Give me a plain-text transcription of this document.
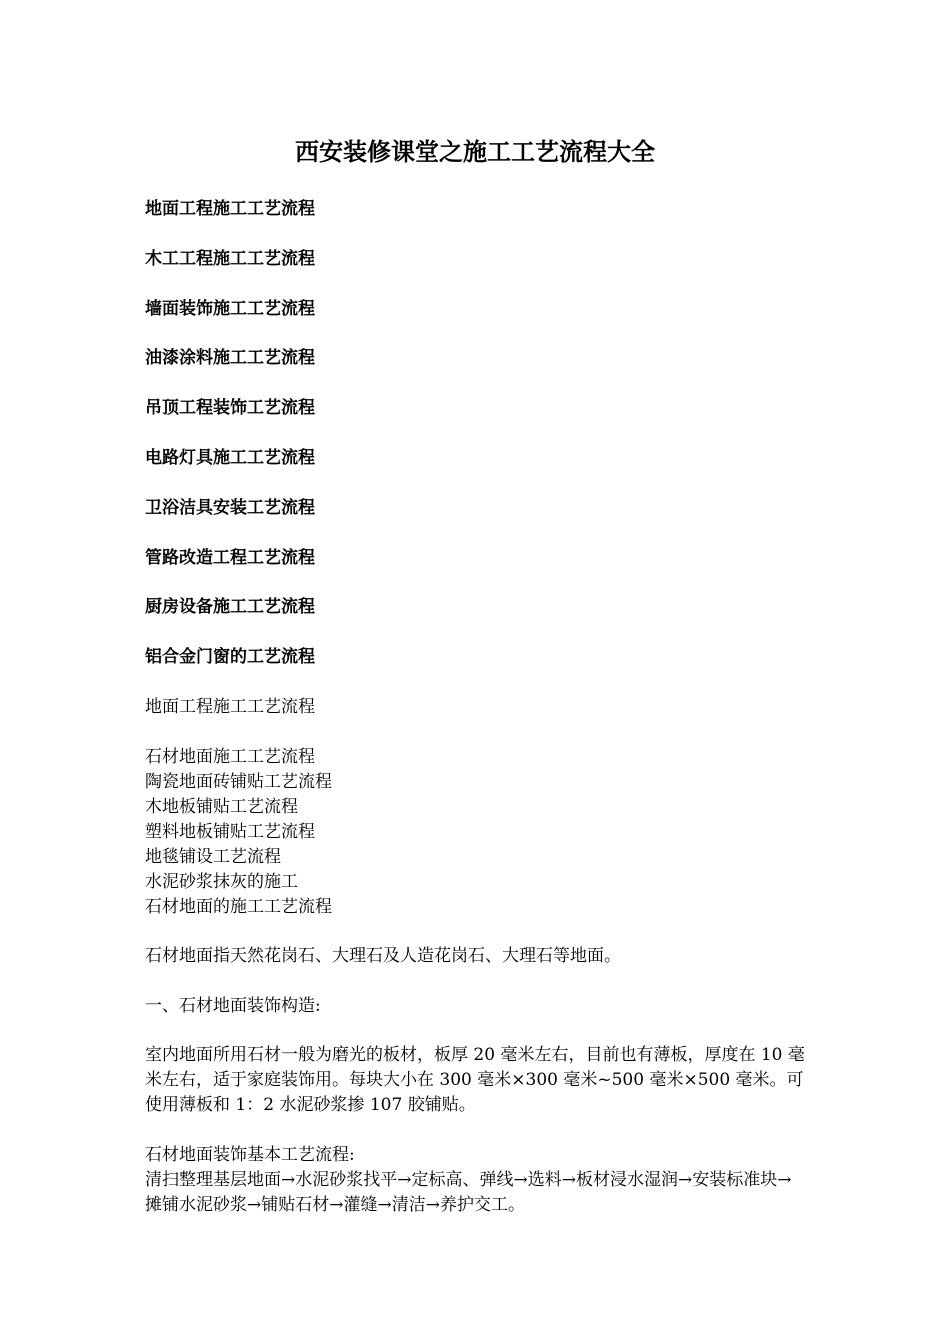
西安装修课堂之施工工艺流程大全
地面工程施工工艺流程
木工工程施工工艺流程
墙面装饰施工工艺流程
油漆涂料施工工艺流程
吊顶工程装饰工艺流程
电路灯具施工工艺流程
卫浴洁具安装工艺流程
管路改造工程工艺流程
厨房设备施工工艺流程
铝合金门窗的工艺流程

地面工程施工工艺流程

石材地面施工工艺流程
陶瓷地面砖铺贴工艺流程
木地板铺贴工艺流程
塑料地板铺贴工艺流程
地毯铺设工艺流程
水泥砂浆抹灰的施工
石材地面的施工工艺流程

石材地面指天然花岗石、大理石及人造花岗石、大理石等地面。

一、石材地面装饰构造:

室内地面所用石材一般为磨光的板材，板厚 20 毫米左右，目前也有薄板，厚度在 10 毫米左右，适于家庭装饰用。每块大小在 300 毫米×300 毫米~500 毫米×500 毫米。可使用薄板和 1：2 水泥砂浆掺 107 胶铺贴。

石材地面装饰基本工艺流程:

清扫整理基层地面→水泥砂浆找平→定标高、弹线→选料→板材浸水湿润→安装标准块→摊铺水泥砂浆→铺贴石材→灌缝→清洁→养护交工。
